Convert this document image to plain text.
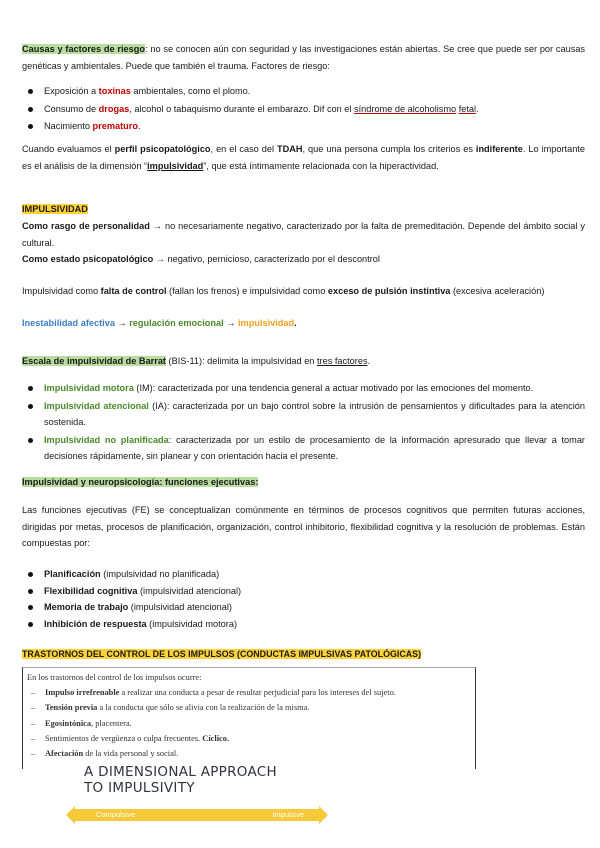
Causas y factores de riesgo: no se conocen aún con seguridad y las investigaciones están abiertas. Se cree que puede ser por causas genéticas y ambientales. Puede que también el trauma. Factores de riesgo:
Exposición a toxinas ambientales, como el plomo.
Consumo de drogas, alcohol o tabaquismo durante el embarazo. Dif con el síndrome de alcoholismo fetal.
Nacimiento prematuro.
Cuando evaluamos el perfil psicopatológico, en el caso del TDAH, que una persona cumpla los criterios es indiferente. Lo importante es el análisis de la dimensión “impulsividad”, que está íntimamente relacionada con la hiperactividad.
IMPULSIVIDAD
Como rasgo de personalidad → no necesariamente negativo, caracterizado por la falta de premeditación. Depende del ámbito social y cultural.
Como estado psicopatológico → negativo, pernicioso, caracterizado por el descontrol
Impulsividad como falta de control (fallan los frenos) e impulsividad como exceso de pulsión instintiva (excesiva aceleración)
Inestabilidad afectiva → regulación emocional → impulsividad.
Escala de impulsividad de Barrat (BIS-11): delimita la impulsividad en tres factores.
Impulsividad motora (IM): caracterizada por una tendencia general a actuar motivado por las emociones del momento.
Impulsividad atencional (IA): caracterizada por un bajo control sobre la intrusión de pensamientos y dificultades para la atención sostenida.
Impulsividad no planificada: caracterizada por un estilo de procesamiento de la información apresurado que llevar a tomar decisiones rápidamente, sin planear y con orientación hacia el presente.
Impulsividad y neuropsicología: funciones ejecutivas:
Las funciones ejecutivas (FE) se conceptualizan comúnmente en términos de procesos cognitivos que permiten futuras acciones, dirigidas por metas, procesos de planificación, organización, control inhibitorio, flexibilidad cognitiva y la resolución de problemas. Están compuestas por:
Planificación (impulsividad no planificada)
Flexibilidad cognitiva (impulsividad atencional)
Memoria de trabajo (impulsividad atencional)
Inhibición de respuesta (impulsividad motora)
TRASTORNOS DEL CONTROL DE LOS IMPULSOS (CONDUCTAS IMPULSIVAS PATOLÓGICAS)
En los trastornos del control de los impulsos ocurre:
– Impulso irrefrenable a realizar una conducta a pesar de resultar perjudicial para los intereses del sujeto.
– Tensión previa a la conducta que sólo se alivia con la realización de la misma.
– Egosintónica, placentera.
– Sentimientos de vergüenza o culpa frecuentes. Cíclico.
– Afectación de la vida personal y social.
A DIMENSIONAL APPROACH
TO IMPULSIVITY
Compulsive	Impulsive
